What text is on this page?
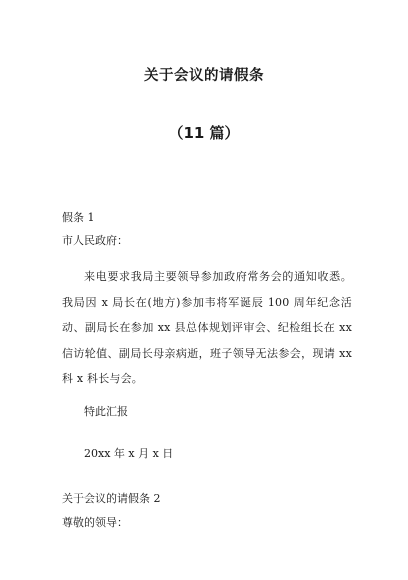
关于会议的请假条
（11 篇）
假条 1
市人民政府：
来电要求我局主要领导参加政府常务会的通知收悉。我局因 x 局长在(地方)参加韦将军诞辰 100 周年纪念活动、副局长在参加 xx 县总体规划评审会、纪检组长在 xx 信访轮值、副局长母亲病逝，班子领导无法参会，现请 xx 科 x 科长与会。
特此汇报
20xx 年 x 月 x 日
关于会议的请假条 2
尊敬的领导：
